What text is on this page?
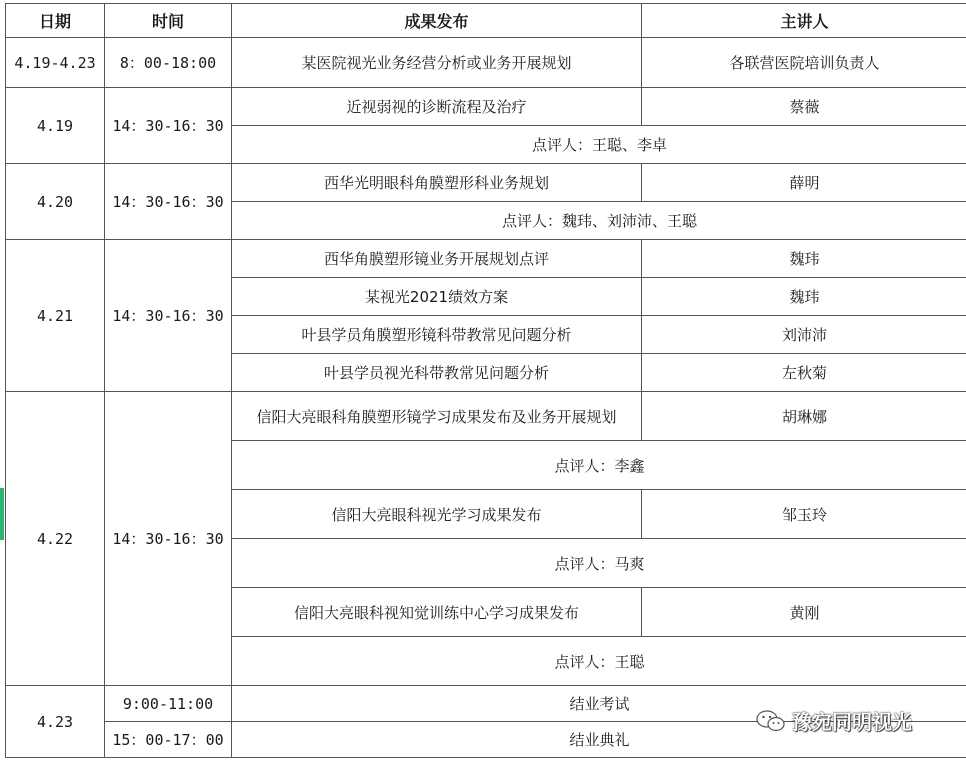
日期	时间	成果发布	主讲人
4.19-4.23	8：00-18:00	某医院视光业务经营分析或业务开展规划	各联营医院培训负责人
4.19	14：30-16：30	近视弱视的诊断流程及治疗	蔡薇
		点评人：王聪、李卓	
4.20	14：30-16：30	西华光明眼科角膜塑形科业务规划	薛明
		点评人：魏玮、刘沛沛、王聪	
4.21	14：30-16：30	西华角膜塑形镜业务开展规划点评	魏玮
		某视光2021绩效方案	魏玮
		叶县学员角膜塑形镜科带教常见问题分析	刘沛沛
		叶县学员视光科带教常见问题分析	左秋菊
4.22	14：30-16：30	信阳大亮眼科角膜塑形镜学习成果发布及业务开展规划	胡琳娜
		点评人：李鑫	
		信阳大亮眼科视光学习成果发布	邹玉玲
		点评人：马爽	
		信阳大亮眼科视知觉训练中心学习成果发布	黄刚
		点评人：王聪	
4.23	9:00-11:00	结业考试	
	15：00-17：00	结业典礼	
豫宛同明视光
